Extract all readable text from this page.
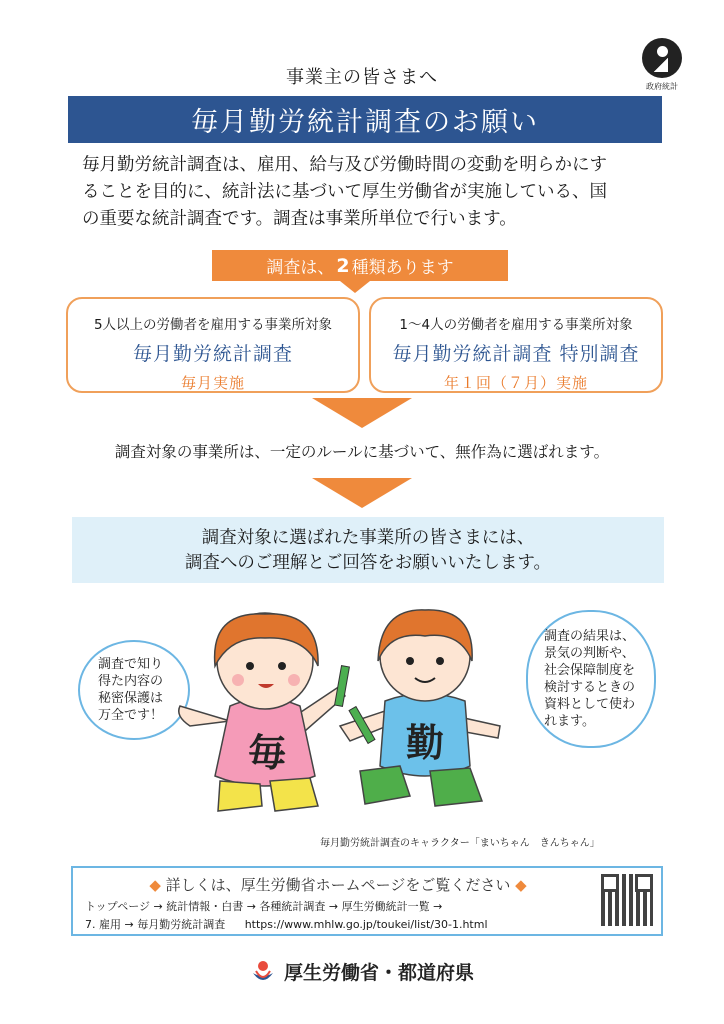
政府統計
事業主の皆さまへ
毎月勤労統計調査のお願い
毎月勤労統計調査は、雇用、給与及び労働時間の変動を明らかにす
ることを目的に、統計法に基づいて厚生労働省が実施している、国
の重要な統計調査です。調査は事業所単位で行います。
調査は、 2 種類あります
5人以上の労働者を雇用する事業所対象
毎月勤労統計調査
毎月実施
1～4人の労働者を雇用する事業所対象
毎月勤労統計調査 特別調査
年１回（７月）実施
調査対象の事業所は、一定のルールに基づいて、無作為に選ばれます。
調査対象に選ばれた事業所の皆さまには、
調査へのご理解とご回答をお願いいたします。
調査で知り
得た内容の
秘密保護は
万全です！
調査の結果は、
景気の判断や、
社会保障制度を
検討するときの
資料として使わ
れます。
毎	勤
毎月勤労統計調査のキャラクター「まいちゃん　きんちゃん」
◆ 詳しくは、厚生労働省ホームページをご覧ください ◆
トップページ → 統計情報・白書 → 各種統計調査 → 厚生労働統計一覧 →
7. 雇用 → 毎月勤労統計調査 https://www.mhlw.go.jp/toukei/list/30-1.html
厚生労働省・都道府県
